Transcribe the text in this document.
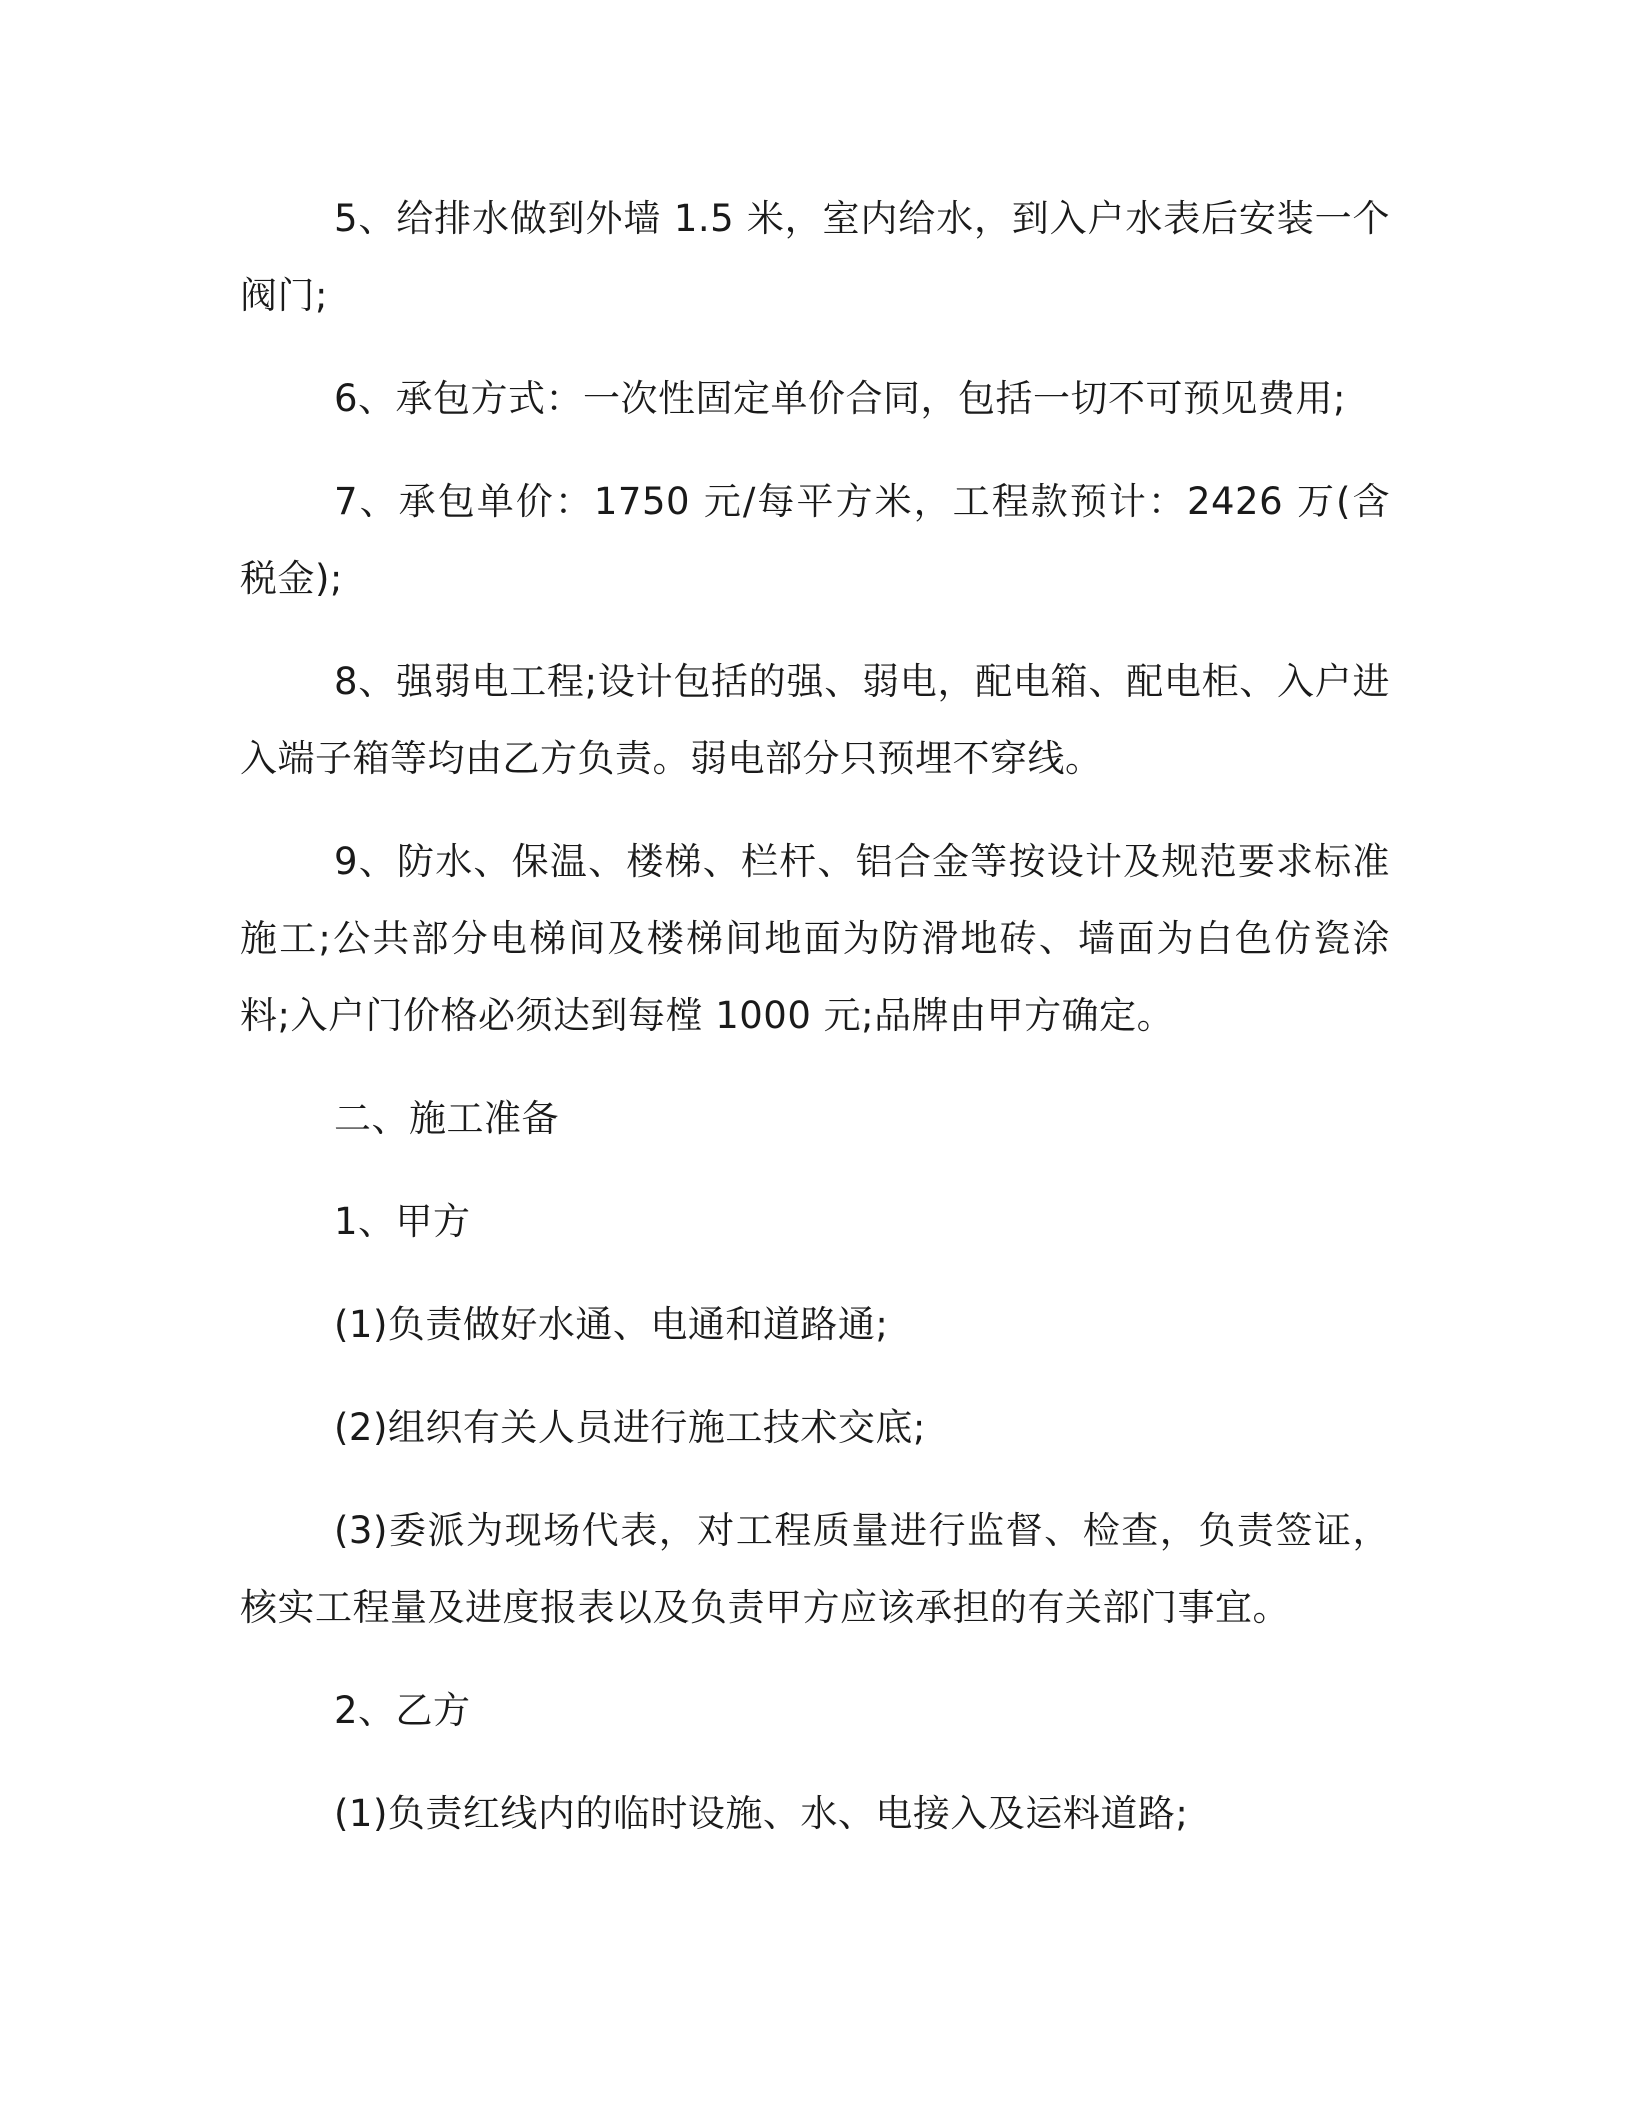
5、给排水做到外墙 1.5 米，室内给水，到入户水表后安装一个阀门;

6、承包方式：一次性固定单价合同，包括一切不可预见费用;

7、承包单价：1750 元/每平方米，工程款预计：2426 万(含税金);

8、强弱电工程;设计包括的强、弱电，配电箱、配电柜、入户进入端子箱等均由乙方负责。弱电部分只预埋不穿线。

9、防水、保温、楼梯、栏杆、铝合金等按设计及规范要求标准施工;公共部分电梯间及楼梯间地面为防滑地砖、墙面为白色仿瓷涂料;入户门价格必须达到每樘 1000 元;品牌由甲方确定。

二、施工准备

1、甲方

(1)负责做好水通、电通和道路通;

(2)组织有关人员进行施工技术交底;

(3)委派为现场代表，对工程质量进行监督、检查，负责签证，核实工程量及进度报表以及负责甲方应该承担的有关部门事宜。

2、乙方

(1)负责红线内的临时设施、水、电接入及运料道路;
